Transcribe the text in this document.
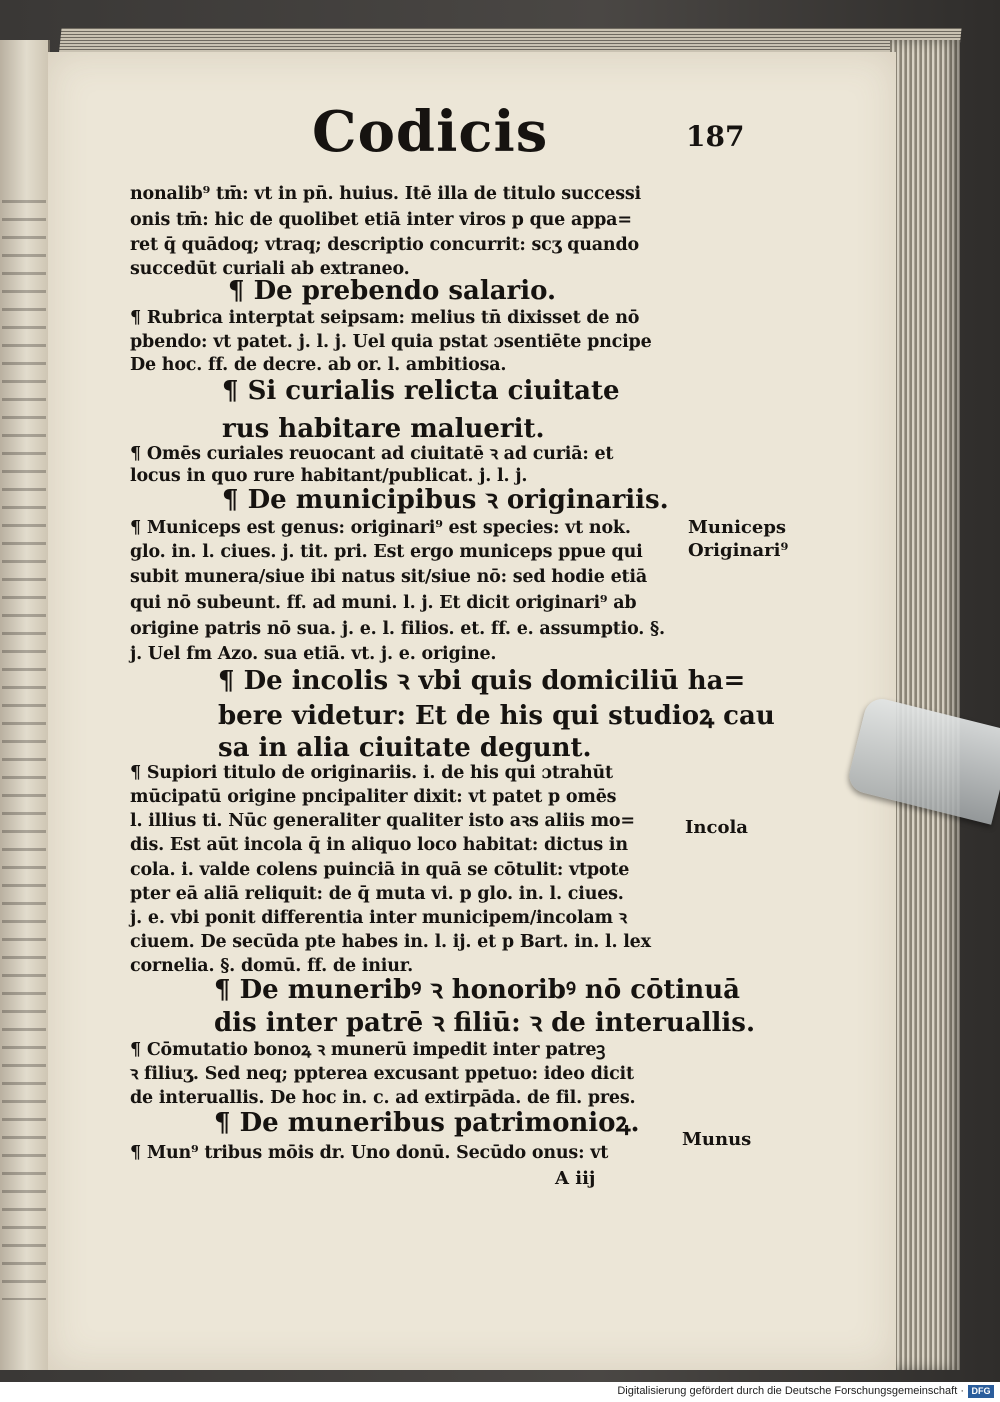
Codicis	187
nonalib⁹ tm̄: vt in pn̄. huius. Itē illa de titulo successi
onis tm̄: hic de quolibet etiā inter viros p que appa=
ret q̄ quādoq; vtraq; descriptio concurrit: scʒ quando
succedūt curiali ab extraneo.
¶ De prebendo salario.
¶ Rubrica interptat seipsam: melius tn̄ dixisset de nō
pbendo: vt patet. j. l. j. Uel quia pstat ɔsentiēte pncipe
De hoc. ff. de decre. ab or. l. ambitiosa.
¶ Si curialis relicta ciuitate
rus habitare maluerit.
¶ Omēs curiales reuocant ad ciuitatē ꝛ ad curiā: et
locus in quo rure habitant/publicat. j. l. j.
¶ De municipibus ꝛ originariis.
¶ Municeps est genus: originari⁹ est species: vt nok.
glo. in. l. ciues. j. tit. pri. Est ergo municeps ppue qui
subit munera/siue ibi natus sit/siue nō: sed hodie etiā
qui nō subeunt. ff. ad muni. l. j. Et dicit originari⁹ ab
origine patris nō sua. j. e. l. filios. et. ff. e. assumptio. §.
j. Uel fm Azo. sua etiā. vt. j. e. origine.
¶ De incolis ꝛ vbi quis domiciliū ha=
bere videtur: Et de his qui studioꝝ cau
sa in alia ciuitate degunt.
¶ Supiori titulo de originariis. i. de his qui ɔtrahūt
mūcipatū origine pncipaliter dixit: vt patet p omēs
l. illius ti. Nūc generaliter qualiter isto aꝛs aliis mo=
dis. Est aūt incola q̄ in aliquo loco habitat: dictus in
cola. i. valde colens puinciā in quā se cōtulit: vtpote
pter eā aliā reliquit: de q̄ muta vi. p glo. in. l. ciues.
j. e. vbi ponit differentia inter municipem/incolam ꝛ
ciuem. De secūda pte habes in. l. ij. et p Bart. in. l. lex
cornelia. §. domū. ff. de iniur.
¶ De muneribꝰ ꝛ honoribꝰ nō cōtinuā
dis inter patrē ꝛ filiū: ꝛ de interuallis.
¶ Cōmutatio bonoꝝ ꝛ munerū impedit inter patreꝫ
ꝛ filiuʒ. Sed neq; ppterea excusant ppetuo: ideo dicit
de interuallis. De hoc in. c. ad extirpāda. de fil. pres.
¶ De muneribus patrimonioꝝ.
¶ Mun⁹ tribus mōis dr. Uno donū. Secūdo onus: vt
Municeps
Originari⁹
Incola
Munus
A iij
Digitalisierung gefördert durch die Deutsche Forschungsgemeinschaft · DFG
